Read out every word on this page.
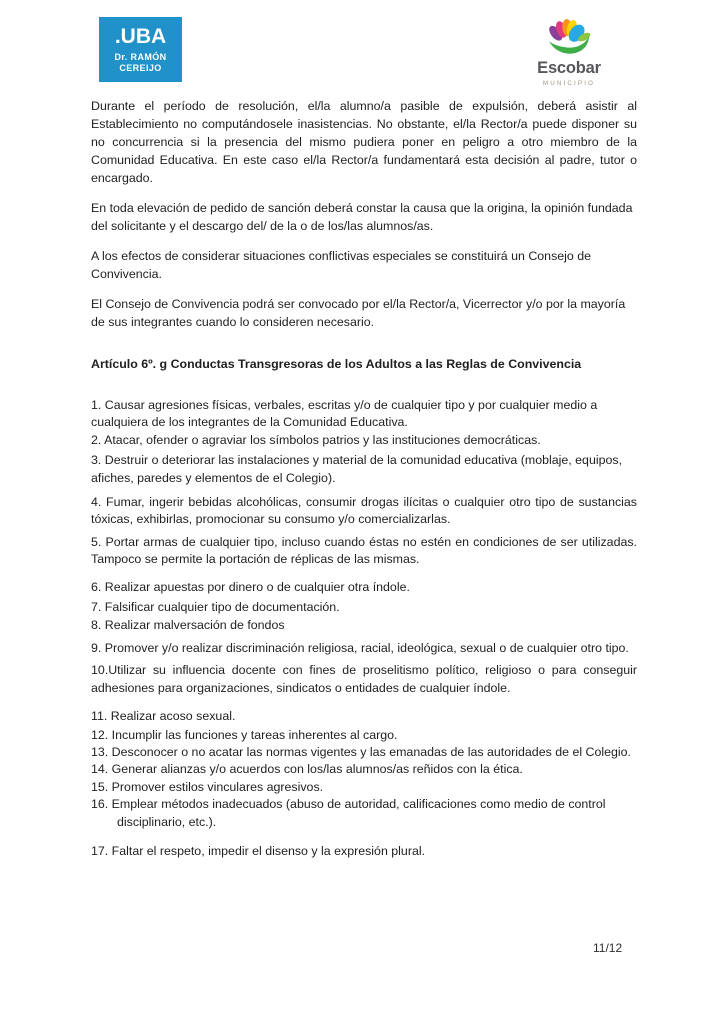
.UBA
Dr. RAMÓN
CEREIJO	Escobar
MUNICIPIO

Durante el período de resolución, el/la alumno/a pasible de expulsión, deberá asistir al Establecimiento no computándosele inasistencias. No obstante, el/la Rector/a puede disponer su no concurrencia si la presencia del mismo pudiera poner en peligro a otro miembro de la Comunidad Educativa. En este caso el/la Rector/a fundamentará esta decisión al padre, tutor o encargado.

En toda elevación de pedido de sanción deberá constar la causa que la origina, la opinión fundada del solicitante y el descargo del/ de la o de los/las alumnos/as.

A los efectos de considerar situaciones conflictivas especiales se constituirá un Consejo de Convivencia.

El Consejo de Convivencia podrá ser convocado por el/la Rector/a, Vicerrector y/o por la mayoría de sus integrantes cuando lo consideren necesario.

Artículo 6º. g Conductas Transgresoras de los Adultos a las Reglas de Convivencia

1. Causar agresiones físicas, verbales, escritas y/o de cualquier tipo y por cualquier medio a cualquiera de los integrantes de la Comunidad Educativa.

2. Atacar, ofender o agraviar los símbolos patrios y las instituciones democráticas.

3. Destruir o deteriorar las instalaciones y material de la comunidad educativa (moblaje, equipos, afiches, paredes y elementos de el Colegio).

4. Fumar, ingerir bebidas alcohólicas, consumir drogas ilícitas o cualquier otro tipo de sustancias tóxicas, exhibirlas, promocionar su consumo y/o comercializarlas.

5. Portar armas de cualquier tipo, incluso cuando éstas no estén en condiciones de ser utilizadas. Tampoco se permite la portación de réplicas de las mismas.

6. Realizar apuestas por dinero o de cualquier otra índole.

7. Falsificar cualquier tipo de documentación.

8. Realizar malversación de fondos

9. Promover y/o realizar discriminación religiosa, racial, ideológica, sexual o de cualquier otro tipo.

10.Utilizar su influencia docente con fines de proselitismo político, religioso o para conseguir adhesiones para organizaciones, sindicatos o entidades de cualquier índole.

11. Realizar acoso sexual.

12. Incumplir las funciones y tareas inherentes al cargo.

13. Desconocer o no acatar las normas vigentes y las emanadas de las autoridades de el Colegio.

14. Generar alianzas y/o acuerdos con los/las alumnos/as reñidos con la ética.

15. Promover estilos vinculares agresivos.

16. Emplear métodos inadecuados (abuso de autoridad, calificaciones como medio de control disciplinario, etc.).

17. Faltar el respeto, impedir el disenso y la expresión plural.

11/12
